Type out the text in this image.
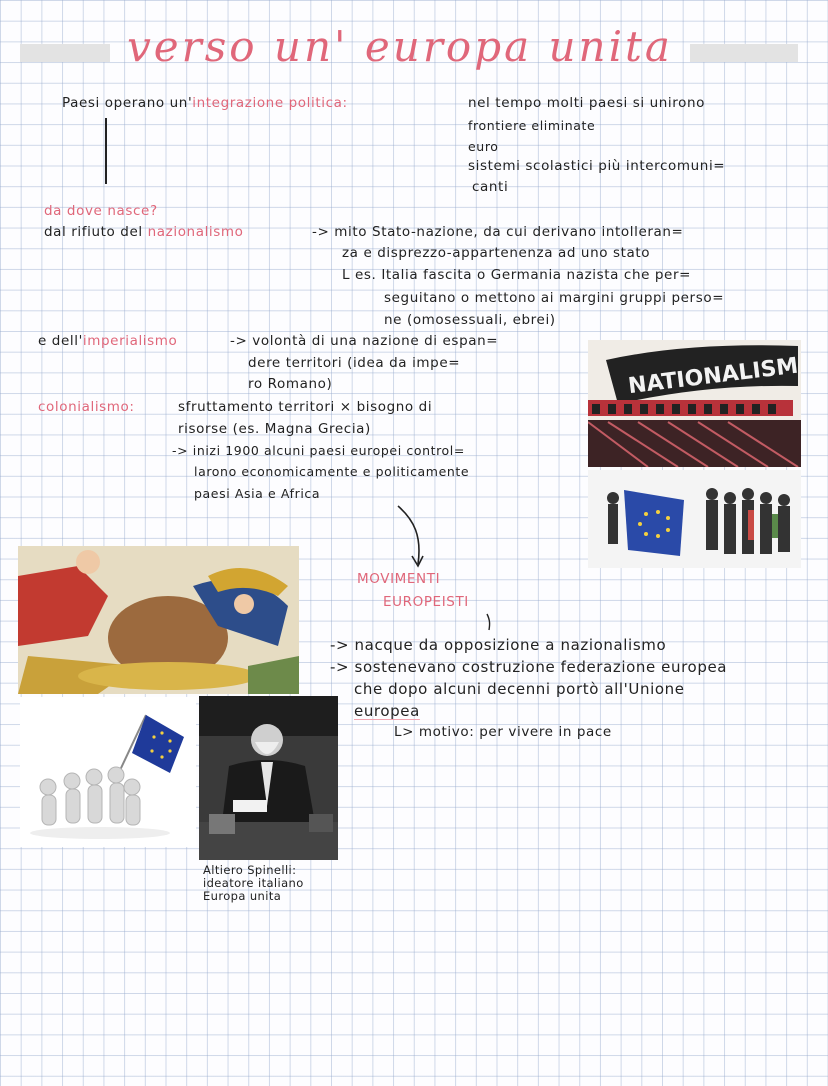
verso un' europa unita
Paesi operano un'integrazione politica:	nel tempo molti paesi si unirono
frontiere eliminate
euro
sistemi scolastici più intercomuni=
canti
da dove nasce?
dal rifiuto del nazionalismo	-> mito Stato-nazione, da cui derivano intolleran=
za e disprezzo-appartenenza ad uno stato
L es. Italia fascita o Germania nazista che per=
seguitano o mettono ai margini gruppi perso=
ne (omosessuali, ebrei)
e dell'imperialismo	-> volontà di una nazione di espan=
dere territori (idea da impe=
ro Romano)
colonialismo:	sfruttamento territori × bisogno di
risorse (es. Magna Grecia)
-> inizi 1900 alcuni paesi europei control=
larono economicamente e politicamente
paesi Asia e Africa
MOVIMENTI
EUROPEISTI
-> nacque da opposizione a nazionalismo
-> sostenevano costruzione federazione europea
che dopo alcuni decenni portò all'Unione
europea
L> motivo: per vivere in pace
NATIONALISM
Altiero Spinelli:
ideatore italiano
Europa unita
